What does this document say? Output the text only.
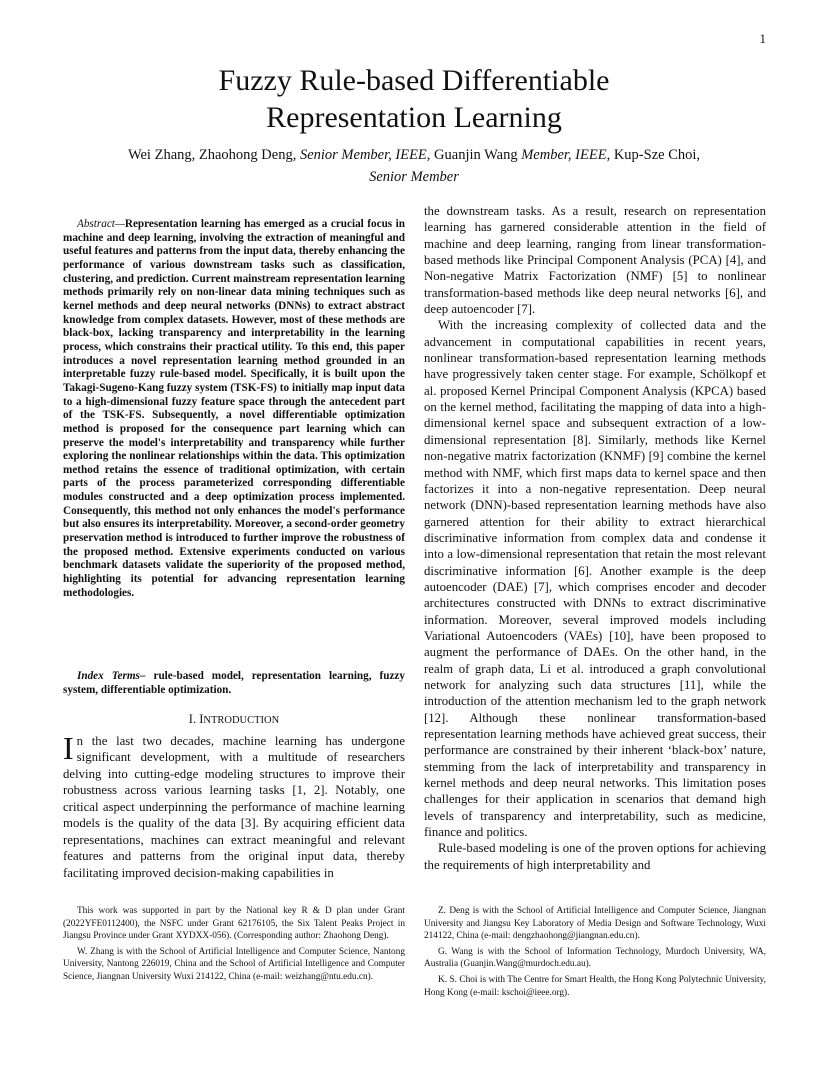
1
Fuzzy Rule-based Differentiable
Representation Learning
Wei Zhang, Zhaohong Deng, Senior Member, IEEE, Guanjin Wang Member, IEEE, Kup-Sze Choi,
Senior Member

Abstract—Representation learning has emerged as a crucial focus in machine and deep learning, involving the extraction of meaningful and useful features and patterns from the input data, thereby enhancing the performance of various downstream tasks such as classification, clustering, and prediction. Current mainstream representation learning methods primarily rely on non-linear data mining techniques such as kernel methods and deep neural networks (DNNs) to extract abstract knowledge from complex datasets. However, most of these methods are black-box, lacking transparency and interpretability in the learning process, which constrains their practical utility. To this end, this paper introduces a novel representation learning method grounded in an interpretable fuzzy rule-based model. Specifically, it is built upon the Takagi-Sugeno-Kang fuzzy system (TSK-FS) to initially map input data to a high-dimensional fuzzy feature space through the antecedent part of the TSK-FS. Subsequently, a novel differentiable optimization method is proposed for the consequence part learning which can preserve the model's interpretability and transparency while further exploring the nonlinear relationships within the data. This optimization method retains the essence of traditional optimization, with certain parts of the process parameterized corresponding differentiable modules constructed and a deep optimization process implemented. Consequently, this method not only enhances the model's performance but also ensures its interpretability. Moreover, a second-order geometry preservation method is introduced to further improve the robustness of the proposed method. Extensive experiments conducted on various benchmark datasets validate the superiority of the proposed method, highlighting its potential for advancing representation learning methodologies.

Index Terms– rule-based model, representation learning, fuzzy system, differentiable optimization.

I. INTRODUCTION
In the last two decades, machine learning has undergone significant development, with a multitude of researchers delving into cutting-edge modeling structures to improve their robustness across various learning tasks [1, 2]. Notably, one critical aspect underpinning the performance of machine learning models is the quality of the data [3]. By acquiring efficient data representations, machines can extract meaningful and relevant features and patterns from the original input data, thereby facilitating improved decision-making capabilities in

the downstream tasks. As a result, research on representation learning has garnered considerable attention in the field of machine and deep learning, ranging from linear transformation-based methods like Principal Component Analysis (PCA) [4], and Non-negative Matrix Factorization (NMF) [5] to nonlinear transformation-based methods like deep neural networks [6], and deep autoencoder [7].

With the increasing complexity of collected data and the advancement in computational capabilities in recent years, nonlinear transformation-based representation learning methods have progressively taken center stage. For example, Schölkopf et al. proposed Kernel Principal Component Analysis (KPCA) based on the kernel method, facilitating the mapping of data into a high-dimensional kernel space and subsequent extraction of a low-dimensional representation [8]. Similarly, methods like Kernel non-negative matrix factorization (KNMF) [9] combine the kernel method with NMF, which first maps data to kernel space and then factorizes it into a non-negative representation. Deep neural network (DNN)-based representation learning methods have also garnered attention for their ability to extract hierarchical discriminative information from complex data and condense it into a low-dimensional representation that retain the most relevant discriminative information [6]. Another example is the deep autoencoder (DAE) [7], which comprises encoder and decoder architectures constructed with DNNs to extract discriminative information. Moreover, several improved models including Variational Autoencoders (VAEs) [10], have been proposed to augment the performance of DAEs. On the other hand, in the realm of graph data, Li et al. introduced a graph convolutional network for analyzing such data structures [11], while the introduction of the attention mechanism led to the graph network [12]. Although these nonlinear transformation-based representation learning methods have achieved great success, their performance are constrained by their inherent ‘black-box’ nature, stemming from the lack of interpretability and transparency in kernel methods and deep neural networks. This limitation poses challenges for their application in scenarios that demand high levels of transparency and interpretability, such as medicine, finance and politics.

Rule-based modeling is one of the proven options for achieving the requirements of high interpretability and

This work was supported in part by the National key R & D plan under Grant (2022YFE0112400), the NSFC under Grant 62176105, the Six Talent Peaks Project in Jiangsu Province under Grant XYDXX-056). (Corresponding author: Zhaohong Deng).

W. Zhang is with the School of Artificial Intelligence and Computer Science, Nantong University, Nantong 226019, China and the School of Artificial Intelligence and Computer Science, Jiangnan University Wuxi 214122, China (e-mail: weizhang@ntu.edu.cn).

Z. Deng is with the School of Artificial Intelligence and Computer Science, Jiangnan University and Jiangsu Key Laboratory of Media Design and Software Technology, Wuxi 214122, China (e-mail: dengzhaohong@jiangnan.edu.cn).

G. Wang is with the School of Information Technology, Murdoch University, WA, Australia (Guanjin.Wang@murdoch.edu.au).

K. S. Choi is with The Centre for Smart Health, the Hong Kong Polytechnic University, Hong Kong (e-mail: kschoi@ieee.org).
